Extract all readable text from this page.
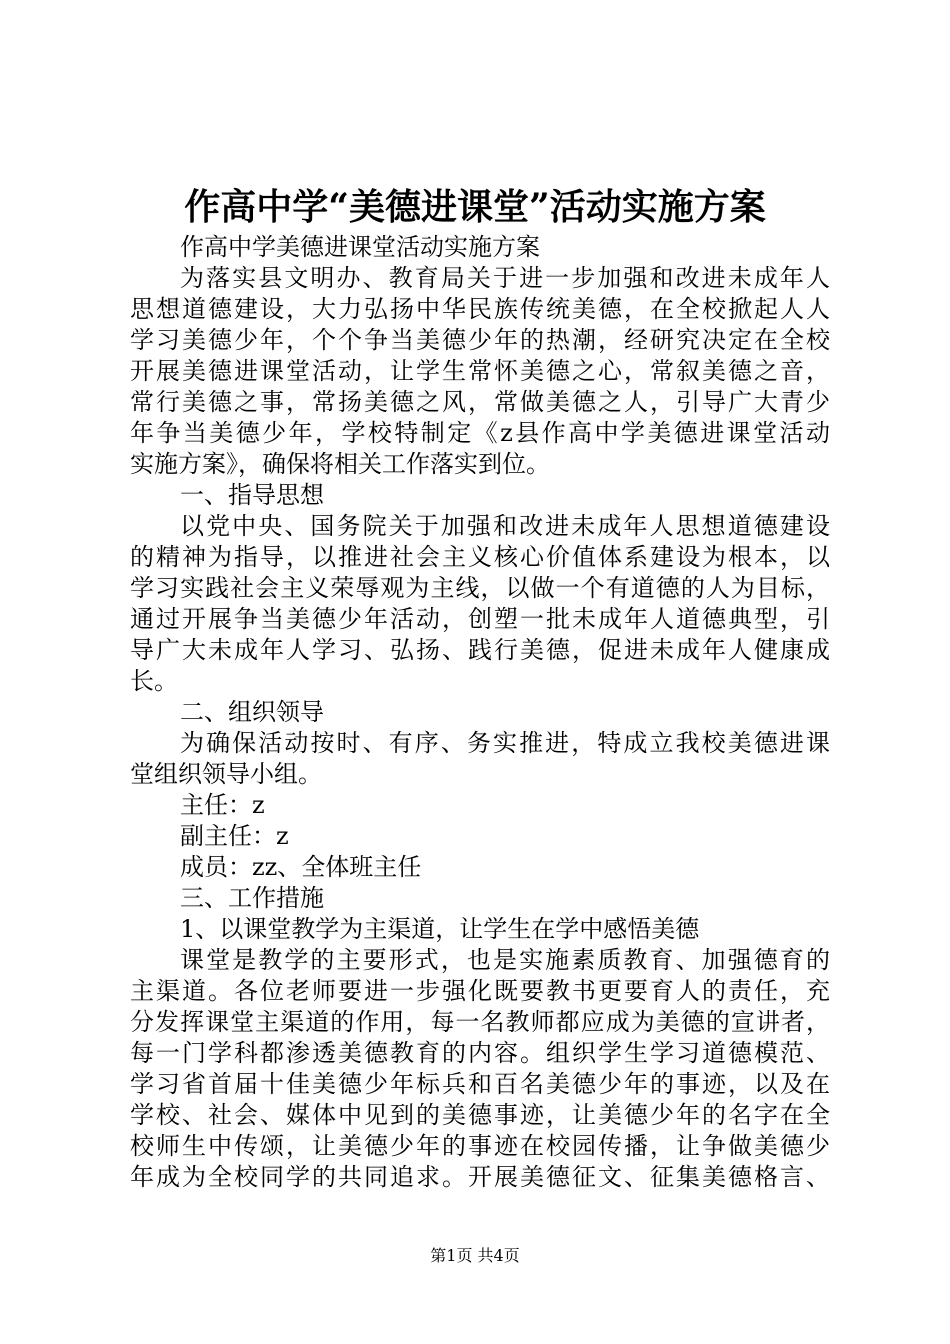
作高中学“美德进课堂”活动实施方案
作高中学美德进课堂活动实施方案
为落实县文明办、教育局关于进一步加强和改进未成年人
思想道德建设，大力弘扬中华民族传统美德，在全校掀起人人
学习美德少年，个个争当美德少年的热潮，经研究决定在全校
开展美德进课堂活动，让学生常怀美德之心，常叙美德之音，
常行美德之事，常扬美德之风，常做美德之人，引导广大青少
年争当美德少年，学校特制定《z县作高中学美德进课堂活动
实施方案》，确保将相关工作落实到位。
一、指导思想
以党中央、国务院关于加强和改进未成年人思想道德建设
的精神为指导，以推进社会主义核心价值体系建设为根本，以
学习实践社会主义荣辱观为主线，以做一个有道德的人为目标，
通过开展争当美德少年活动，创塑一批未成年人道德典型，引
导广大未成年人学习、弘扬、践行美德，促进未成年人健康成
长。
二、组织领导
为确保活动按时、有序、务实推进，特成立我校美德进课
堂组织领导小组。
主任：z
副主任：z
成员：zz、全体班主任
三、工作措施
1、以课堂教学为主渠道，让学生在学中感悟美德
课堂是教学的主要形式，也是实施素质教育、加强德育的
主渠道。各位老师要进一步强化既要教书更要育人的责任，充
分发挥课堂主渠道的作用，每一名教师都应成为美德的宣讲者，
每一门学科都渗透美德教育的内容。组织学生学习道德模范、
学习省首届十佳美德少年标兵和百名美德少年的事迹，以及在
学校、社会、媒体中见到的美德事迹，让美德少年的名字在全
校师生中传颂，让美德少年的事迹在校园传播，让争做美德少
年成为全校同学的共同追求。开展美德征文、征集美德格言、
第1页 共4页
